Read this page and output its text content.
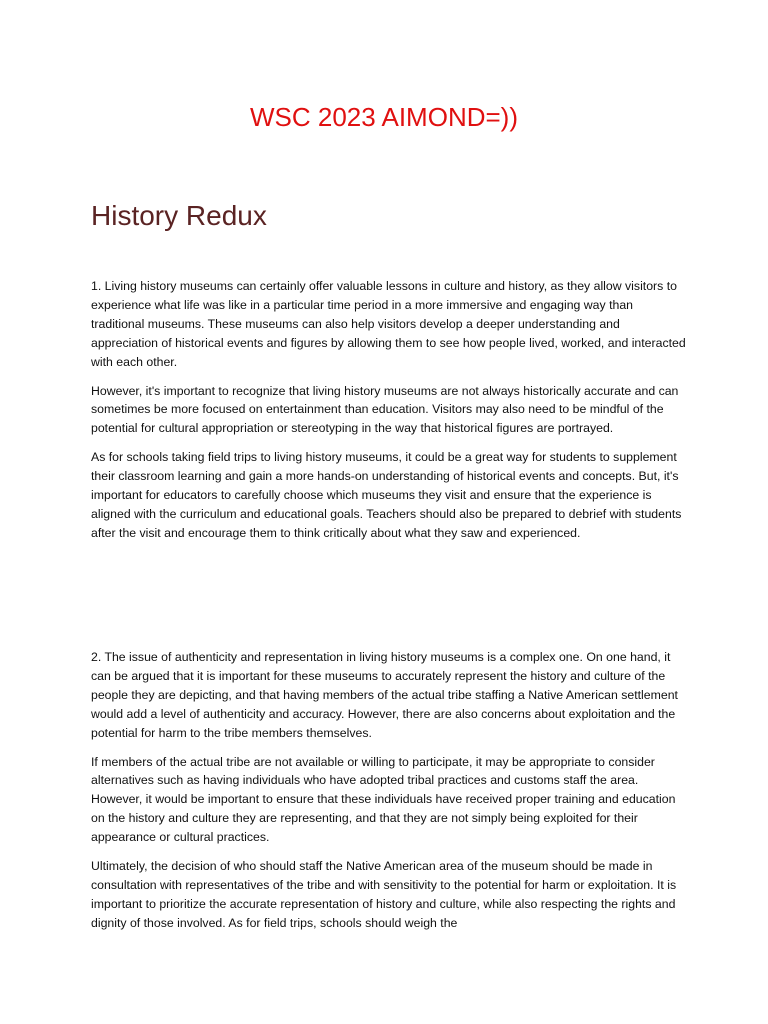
WSC 2023 AIMOND=))
History Redux

1. Living history museums can certainly offer valuable lessons in culture and history, as they allow visitors to experience what life was like in a particular time period in a more immersive and engaging way than traditional museums. These museums can also help visitors develop a deeper understanding and appreciation of historical events and figures by allowing them to see how people lived, worked, and interacted with each other.

However, it's important to recognize that living history museums are not always historically accurate and can sometimes be more focused on entertainment than education. Visitors may also need to be mindful of the potential for cultural appropriation or stereotyping in the way that historical figures are portrayed.

As for schools taking field trips to living history museums, it could be a great way for students to supplement their classroom learning and gain a more hands-on understanding of historical events and concepts. But, it's important for educators to carefully choose which museums they visit and ensure that the experience is aligned with the curriculum and educational goals. Teachers should also be prepared to debrief with students after the visit and encourage them to think critically about what they saw and experienced.

2. The issue of authenticity and representation in living history museums is a complex one. On one hand, it can be argued that it is important for these museums to accurately represent the history and culture of the people they are depicting, and that having members of the actual tribe staffing a Native American settlement would add a level of authenticity and accuracy. However, there are also concerns about exploitation and the potential for harm to the tribe members themselves.

If members of the actual tribe are not available or willing to participate, it may be appropriate to consider alternatives such as having individuals who have adopted tribal practices and customs staff the area. However, it would be important to ensure that these individuals have received proper training and education on the history and culture they are representing, and that they are not simply being exploited for their appearance or cultural practices.

Ultimately, the decision of who should staff the Native American area of the museum should be made in consultation with representatives of the tribe and with sensitivity to the potential for harm or exploitation. It is important to prioritize the accurate representation of history and culture, while also respecting the rights and dignity of those involved. As for field trips, schools should weigh the
